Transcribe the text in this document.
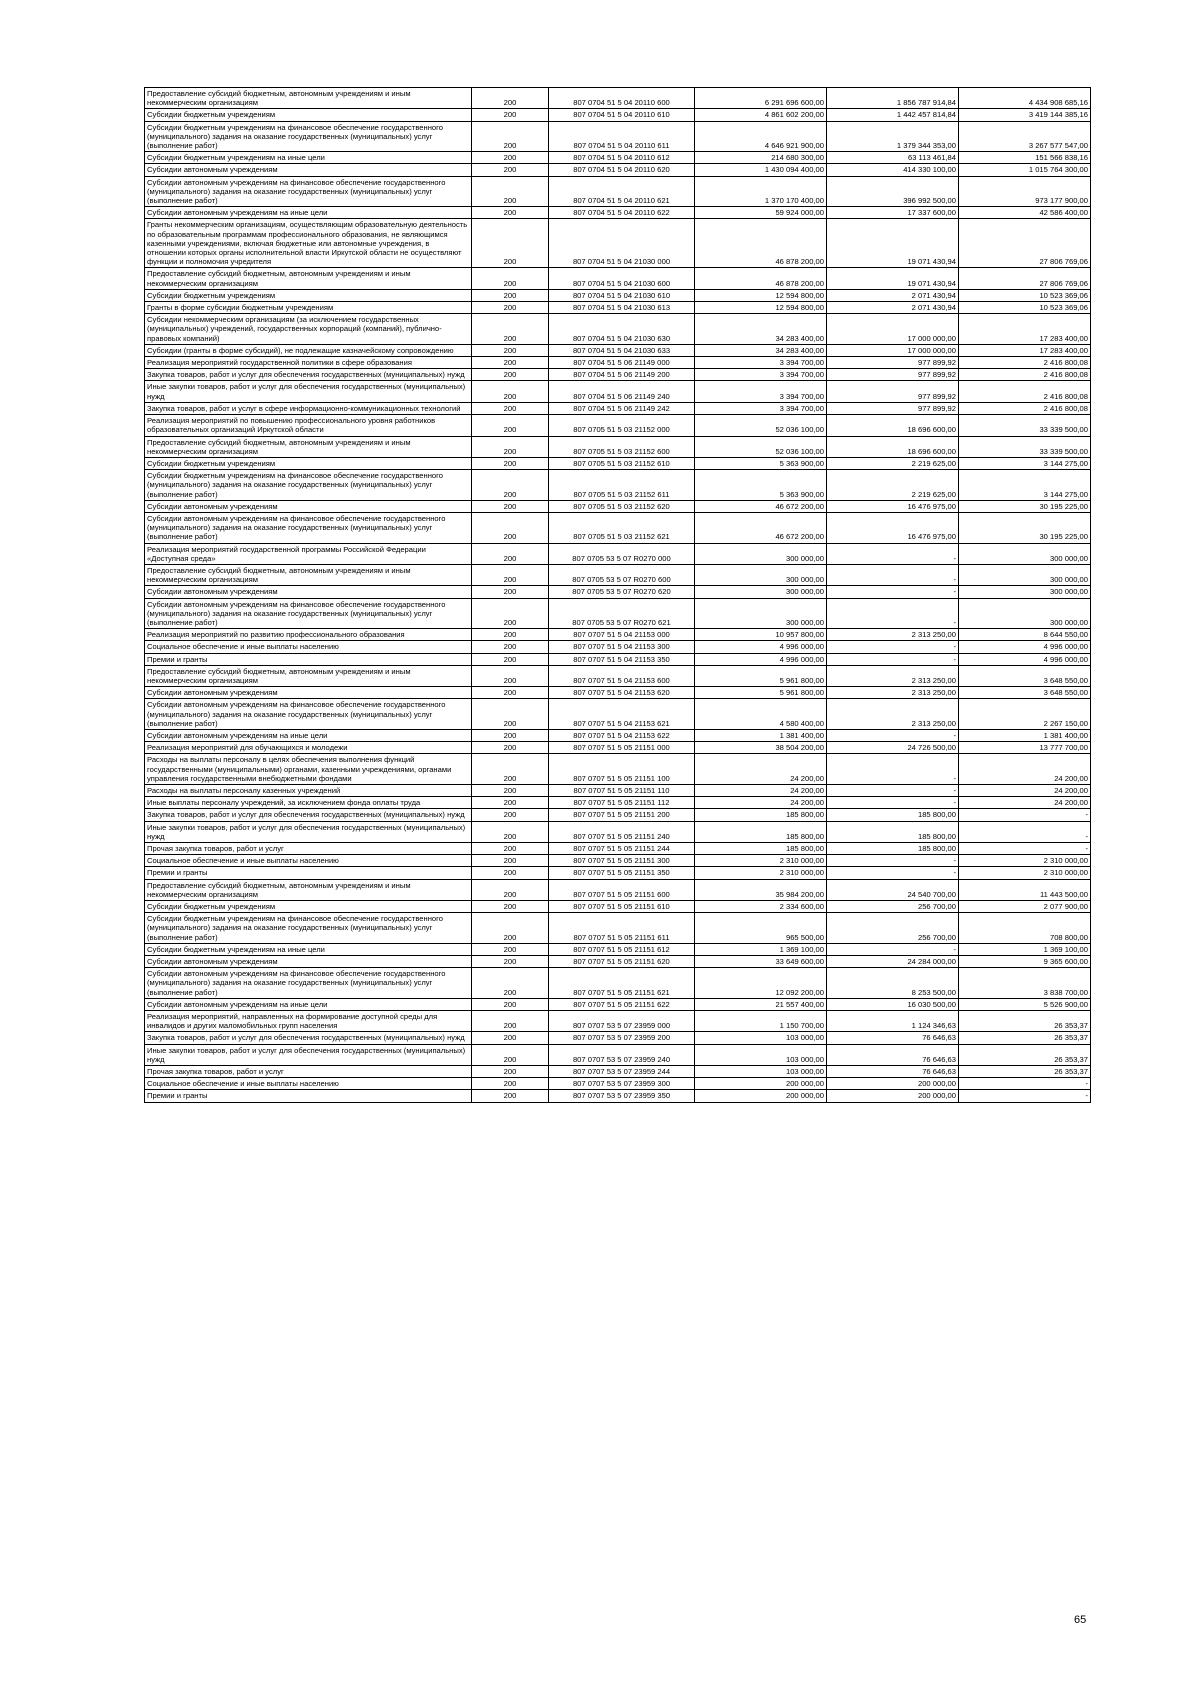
Предоставление субсидий бюджетным, автономным учреждениям и иным некоммерческим организациям	200	807 0704 51 5 04 20110 600	6 291 696 600,00	1 856 787 914,84	4 434 908 685,16
Субсидии бюджетным учреждениям	200	807 0704 51 5 04 20110 610	4 861 602 200,00	1 442 457 814,84	3 419 144 385,16
Субсидии бюджетным учреждениям на финансовое обеспечение государственного (муниципального) задания на оказание государственных (муниципальных) услуг (выполнение работ)	200	807 0704 51 5 04 20110 611	4 646 921 900,00	1 379 344 353,00	3 267 577 547,00
Субсидии бюджетным учреждениям на иные цели	200	807 0704 51 5 04 20110 612	214 680 300,00	63 113 461,84	151 566 838,16
Субсидии автономным учреждениям	200	807 0704 51 5 04 20110 620	1 430 094 400,00	414 330 100,00	1 015 764 300,00
Субсидии автономным учреждениям на финансовое обеспечение государственного (муниципального) задания на оказание государственных (муниципальных) услуг (выполнение работ)	200	807 0704 51 5 04 20110 621	1 370 170 400,00	396 992 500,00	973 177 900,00
Субсидии автономным учреждениям на иные цели	200	807 0704 51 5 04 20110 622	59 924 000,00	17 337 600,00	42 586 400,00
Гранты некоммерческим организациям, осуществляющим образовательную деятельность по образовательным программам профессионального образования, не являющимся казенными учреждениями, включая бюджетные или автономные учреждения, в отношении которых органы исполнительной власти Иркутской области не осуществляют функции и полномочия учредителя	200	807 0704 51 5 04 21030 000	46 878 200,00	19 071 430,94	27 806 769,06
Предоставление субсидий бюджетным, автономным учреждениям и иным некоммерческим организациям	200	807 0704 51 5 04 21030 600	46 878 200,00	19 071 430,94	27 806 769,06
Субсидии бюджетным учреждениям	200	807 0704 51 5 04 21030 610	12 594 800,00	2 071 430,94	10 523 369,06
Гранты в форме субсидии бюджетным учреждениям	200	807 0704 51 5 04 21030 613	12 594 800,00	2 071 430,94	10 523 369,06
Субсидии некоммерческим организациям (за исключением государственных (муниципальных) учреждений, государственных корпораций (компаний), публично-правовых компаний)	200	807 0704 51 5 04 21030 630	34 283 400,00	17 000 000,00	17 283 400,00
Субсидии (гранты в форме субсидий), не подлежащие казначейскому сопровождению	200	807 0704 51 5 04 21030 633	34 283 400,00	17 000 000,00	17 283 400,00
Реализация мероприятий государственной политики в сфере образования	200	807 0704 51 5 06 21149 000	3 394 700,00	977 899,92	2 416 800,08
Закупка товаров, работ и услуг для обеспечения государственных (муниципальных) нужд	200	807 0704 51 5 06 21149 200	3 394 700,00	977 899,92	2 416 800,08
Иные закупки товаров, работ и услуг для обеспечения государственных (муниципальных) нужд	200	807 0704 51 5 06 21149 240	3 394 700,00	977 899,92	2 416 800,08
Закупка товаров, работ и услуг в сфере информационно-коммуникационных технологий	200	807 0704 51 5 06 21149 242	3 394 700,00	977 899,92	2 416 800,08
Реализация мероприятий по повышению профессионального уровня работников образовательных организаций Иркутской области	200	807 0705 51 5 03 21152 000	52 036 100,00	18 696 600,00	33 339 500,00
Предоставление субсидий бюджетным, автономным учреждениям и иным некоммерческим организациям	200	807 0705 51 5 03 21152 600	52 036 100,00	18 696 600,00	33 339 500,00
Субсидии бюджетным учреждениям	200	807 0705 51 5 03 21152 610	5 363 900,00	2 219 625,00	3 144 275,00
Субсидии бюджетным учреждениям на финансовое обеспечение государственного (муниципального) задания на оказание государственных (муниципальных) услуг (выполнение работ)	200	807 0705 51 5 03 21152 611	5 363 900,00	2 219 625,00	3 144 275,00
Субсидии автономным учреждениям	200	807 0705 51 5 03 21152 620	46 672 200,00	16 476 975,00	30 195 225,00
Субсидии автономным учреждениям на финансовое обеспечение государственного (муниципального) задания на оказание государственных (муниципальных) услуг (выполнение работ)	200	807 0705 51 5 03 21152 621	46 672 200,00	16 476 975,00	30 195 225,00
Реализация мероприятий государственной программы Российской Федерации «Доступная среда»	200	807 0705 53 5 07 R0270 000	300 000,00	-	300 000,00
Предоставление субсидий бюджетным, автономным учреждениям и иным некоммерческим организациям	200	807 0705 53 5 07 R0270 600	300 000,00	-	300 000,00
Субсидии автономным учреждениям	200	807 0705 53 5 07 R0270 620	300 000,00	-	300 000,00
Субсидии автономным учреждениям на финансовое обеспечение государственного (муниципального) задания на оказание государственных (муниципальных) услуг (выполнение работ)	200	807 0705 53 5 07 R0270 621	300 000,00	-	300 000,00
Реализация мероприятий по развитию профессионального образования	200	807 0707 51 5 04 21153 000	10 957 800,00	2 313 250,00	8 644 550,00
Социальное обеспечение и иные выплаты населению	200	807 0707 51 5 04 21153 300	4 996 000,00	-	4 996 000,00
Премии и гранты	200	807 0707 51 5 04 21153 350	4 996 000,00	-	4 996 000,00
Предоставление субсидий бюджетным, автономным учреждениям и иным некоммерческим организациям	200	807 0707 51 5 04 21153 600	5 961 800,00	2 313 250,00	3 648 550,00
Субсидии автономным учреждениям	200	807 0707 51 5 04 21153 620	5 961 800,00	2 313 250,00	3 648 550,00
Субсидии автономным учреждениям на финансовое обеспечение государственного (муниципального) задания на оказание государственных (муниципальных) услуг (выполнение работ)	200	807 0707 51 5 04 21153 621	4 580 400,00	2 313 250,00	2 267 150,00
Субсидии автономным учреждениям на иные цели	200	807 0707 51 5 04 21153 622	1 381 400,00	-	1 381 400,00
Реализация мероприятий для обучающихся и молодежи	200	807 0707 51 5 05 21151 000	38 504 200,00	24 726 500,00	13 777 700,00
Расходы на выплаты персоналу в целях обеспечения выполнения функций государственными (муниципальными) органами, казенными учреждениями, органами управления государственными внебюджетными фондами	200	807 0707 51 5 05 21151 100	24 200,00	-	24 200,00
Расходы на выплаты персоналу казенных учреждений	200	807 0707 51 5 05 21151 110	24 200,00	-	24 200,00
Иные выплаты персоналу учреждений, за исключением фонда оплаты труда	200	807 0707 51 5 05 21151 112	24 200,00	-	24 200,00
Закупка товаров, работ и услуг для обеспечения государственных (муниципальных) нужд	200	807 0707 51 5 05 21151 200	185 800,00	185 800,00	-
Иные закупки товаров, работ и услуг для обеспечения государственных (муниципальных) нужд	200	807 0707 51 5 05 21151 240	185 800,00	185 800,00	-
Прочая закупка товаров, работ и услуг	200	807 0707 51 5 05 21151 244	185 800,00	185 800,00	-
Социальное обеспечение и иные выплаты населению	200	807 0707 51 5 05 21151 300	2 310 000,00	-	2 310 000,00
Премии и гранты	200	807 0707 51 5 05 21151 350	2 310 000,00	-	2 310 000,00
Предоставление субсидий бюджетным, автономным учреждениям и иным некоммерческим организациям	200	807 0707 51 5 05 21151 600	35 984 200,00	24 540 700,00	11 443 500,00
Субсидии бюджетным учреждениям	200	807 0707 51 5 05 21151 610	2 334 600,00	256 700,00	2 077 900,00
Субсидии бюджетным учреждениям на финансовое обеспечение государственного (муниципального) задания на оказание государственных (муниципальных) услуг (выполнение работ)	200	807 0707 51 5 05 21151 611	965 500,00	256 700,00	708 800,00
Субсидии бюджетным учреждениям на иные цели	200	807 0707 51 5 05 21151 612	1 369 100,00	-	1 369 100,00
Субсидии автономным учреждениям	200	807 0707 51 5 05 21151 620	33 649 600,00	24 284 000,00	9 365 600,00
Субсидии автономным учреждениям на финансовое обеспечение государственного (муниципального) задания на оказание государственных (муниципальных) услуг (выполнение работ)	200	807 0707 51 5 05 21151 621	12 092 200,00	8 253 500,00	3 838 700,00
Субсидии автономным учреждениям на иные цели	200	807 0707 51 5 05 21151 622	21 557 400,00	16 030 500,00	5 526 900,00
Реализация мероприятий, направленных на формирование доступной среды для инвалидов и других маломобильных групп населения	200	807 0707 53 5 07 23959 000	1 150 700,00	1 124 346,63	26 353,37
Закупка товаров, работ и услуг для обеспечения государственных (муниципальных) нужд	200	807 0707 53 5 07 23959 200	103 000,00	76 646,63	26 353,37
Иные закупки товаров, работ и услуг для обеспечения государственных (муниципальных) нужд	200	807 0707 53 5 07 23959 240	103 000,00	76 646,63	26 353,37
Прочая закупка товаров, работ и услуг	200	807 0707 53 5 07 23959 244	103 000,00	76 646,63	26 353,37
Социальное обеспечение и иные выплаты населению	200	807 0707 53 5 07 23959 300	200 000,00	200 000,00	-
Премии и гранты	200	807 0707 53 5 07 23959 350	200 000,00	200 000,00	-
65
